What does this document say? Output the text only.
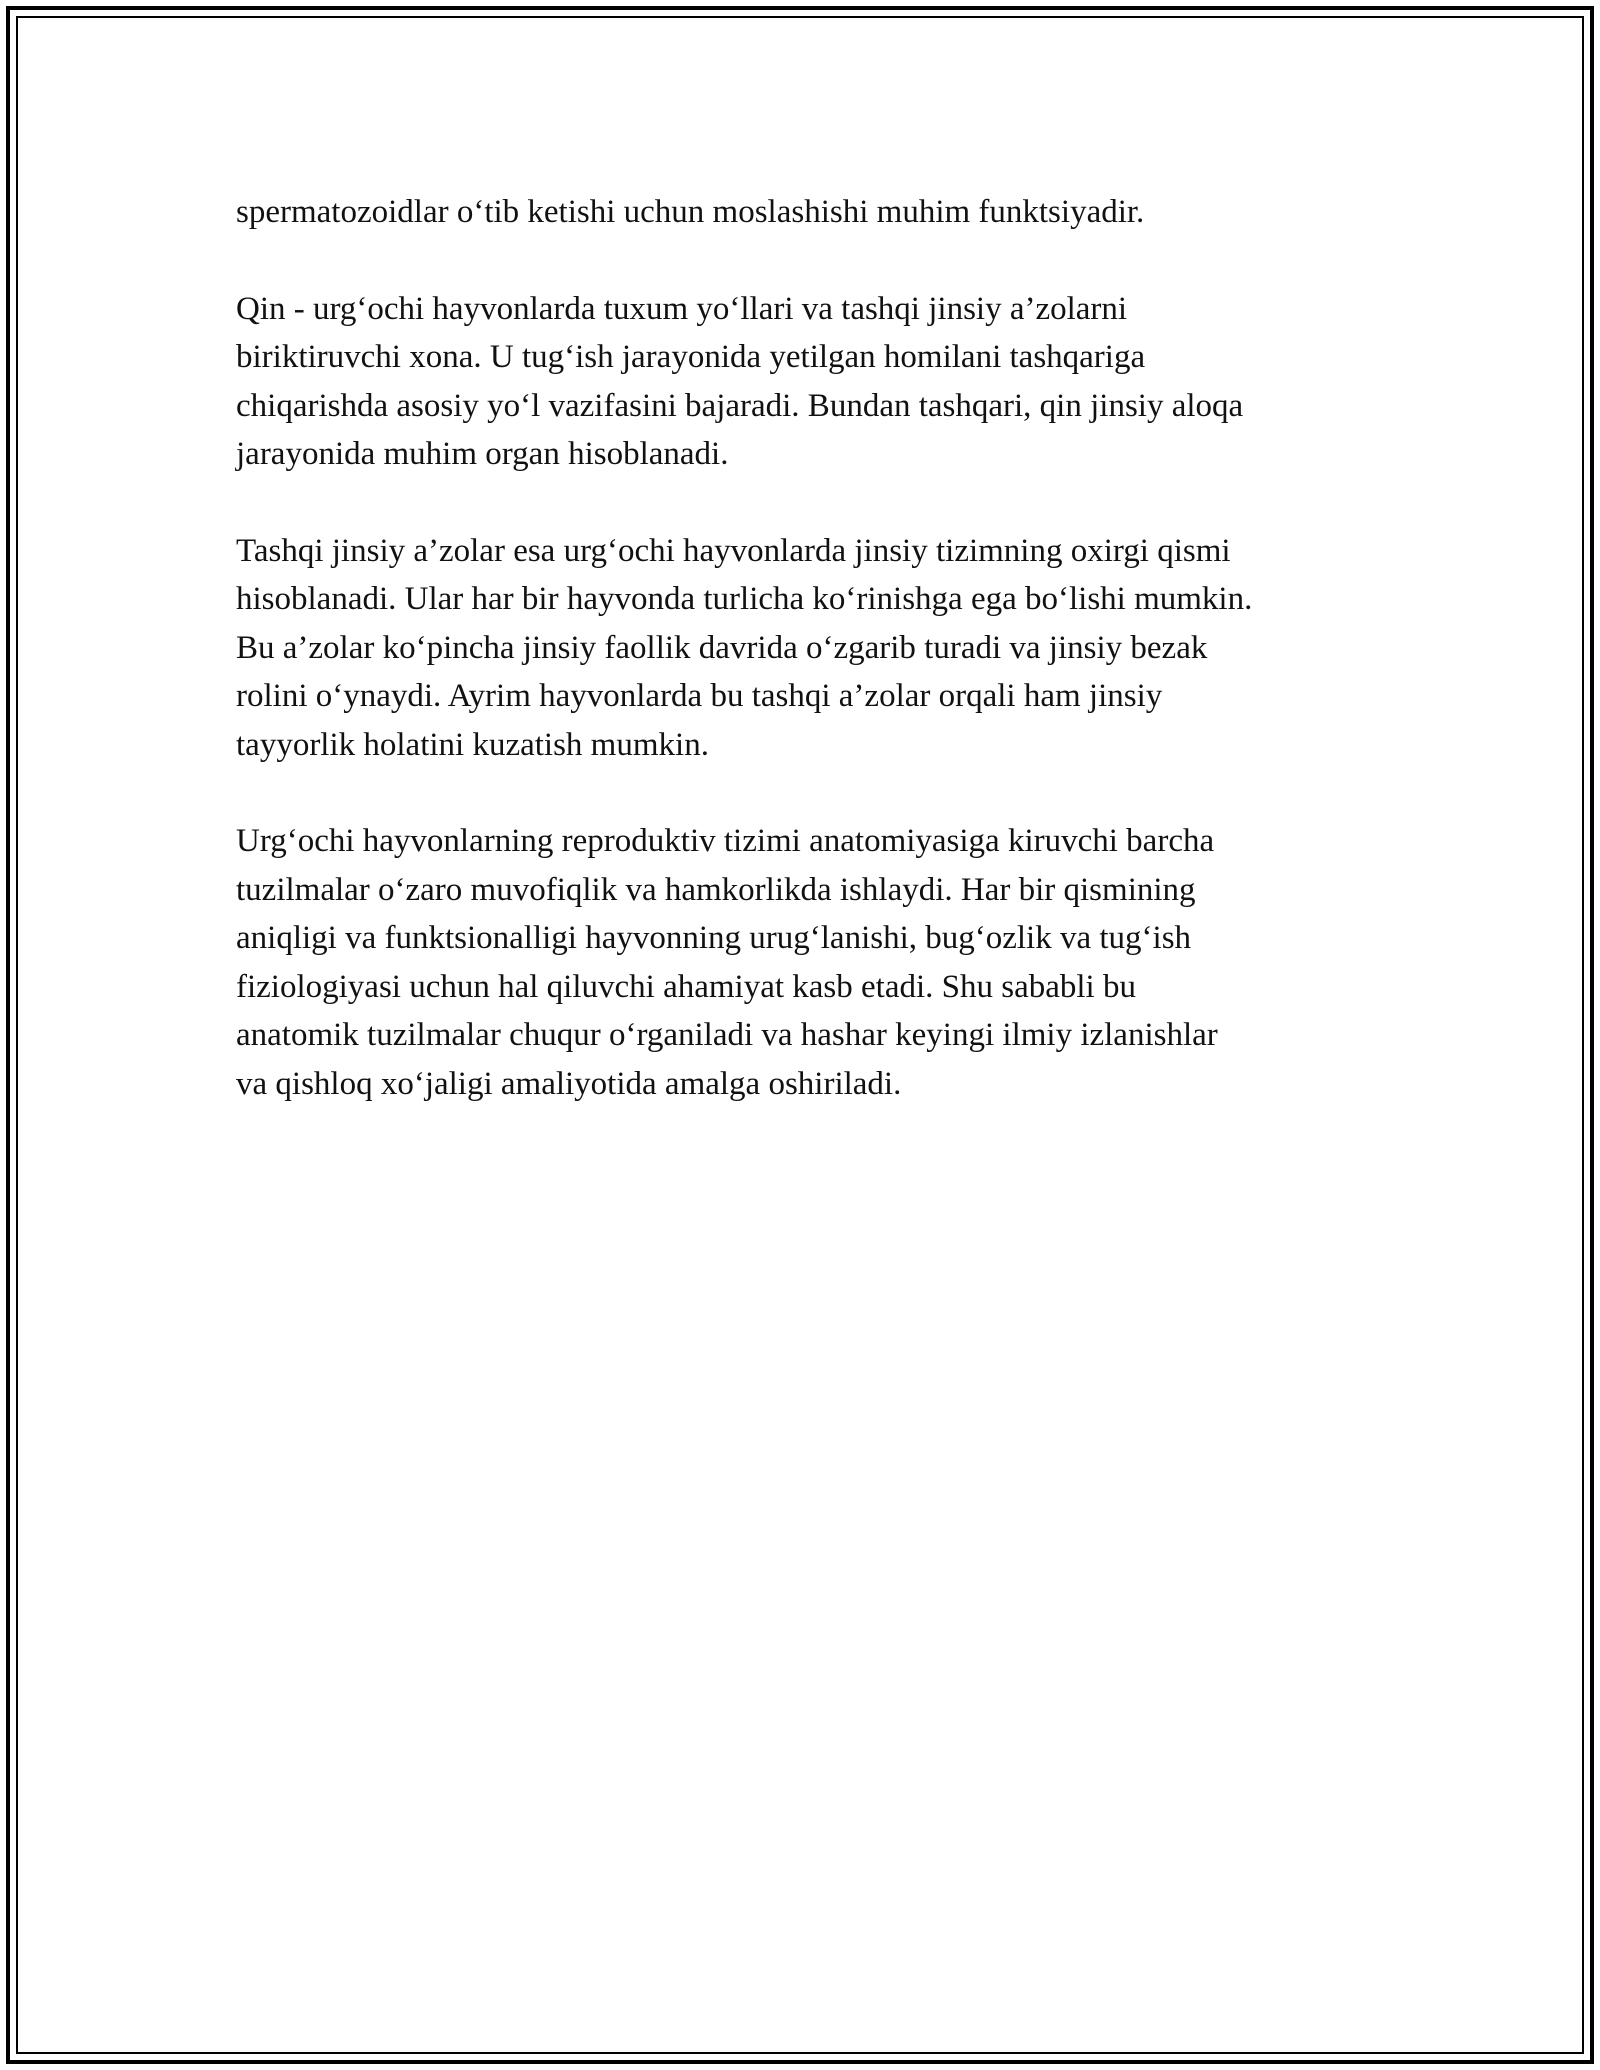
spermatozoidlar o‘tib ketishi uchun moslashishi muhim funktsiyadir.

Qin - urg‘ochi hayvonlarda tuxum yo‘llari va tashqi jinsiy a’zolarni
biriktiruvchi xona. U tug‘ish jarayonida yetilgan homilani tashqariga
chiqarishda asosiy yo‘l vazifasini bajaradi. Bundan tashqari, qin jinsiy aloqa
jarayonida muhim organ hisoblanadi.

Tashqi jinsiy a’zolar esa urg‘ochi hayvonlarda jinsiy tizimning oxirgi qismi
hisoblanadi. Ular har bir hayvonda turlicha ko‘rinishga ega bo‘lishi mumkin.
Bu a’zolar ko‘pincha jinsiy faollik davrida o‘zgarib turadi va jinsiy bezak
rolini o‘ynaydi. Ayrim hayvonlarda bu tashqi a’zolar orqali ham jinsiy
tayyorlik holatini kuzatish mumkin.

Urg‘ochi hayvonlarning reproduktiv tizimi anatomiyasiga kiruvchi barcha
tuzilmalar o‘zaro muvofiqlik va hamkorlikda ishlaydi. Har bir qismining
aniqligi va funktsionalligi hayvonning urug‘lanishi, bug‘ozlik va tug‘ish
fiziologiyasi uchun hal qiluvchi ahamiyat kasb etadi. Shu sababli bu
anatomik tuzilmalar chuqur o‘rganiladi va hashar keyingi ilmiy izlanishlar
va qishloq xo‘jaligi amaliyotida amalga oshiriladi.
